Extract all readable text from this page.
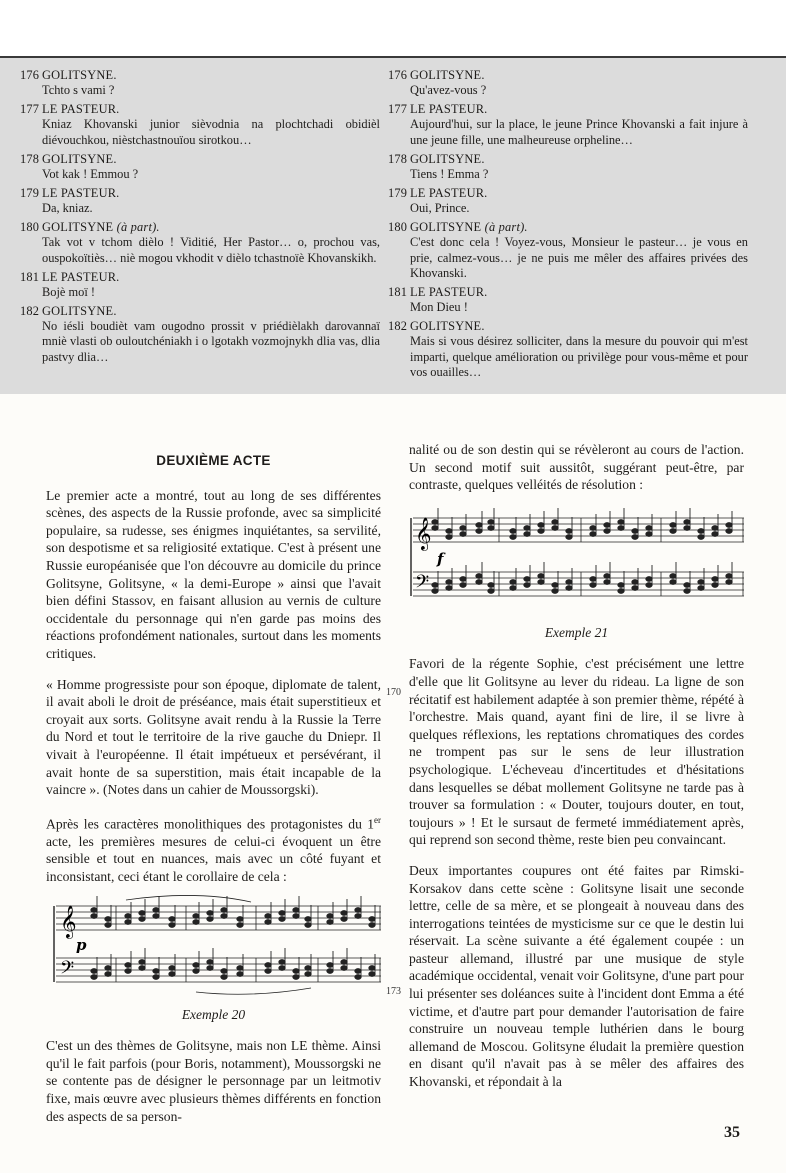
176 GOLITSYNE.
Tchto s vami ?
177 LE PASTEUR.
Kniaz Khovanski junior sièvodnia na plochtchadi obidièl diévouchkou, nièstchastnouïou sirotkou…
178 GOLITSYNE.
Vot kak ! Emmou ?
179 LE PASTEUR.
Da, kniaz.
180 GOLITSYNE (à part).
Tak vot v tchom dièlo ! Viditié, Her Pastor… o, prochou vas, ouspokoïtiès… niè mogou vkhodit v dièlo tchastnoïè Khovanskikh.
181 LE PASTEUR.
Bojè moï !
182 GOLITSYNE.
No iésli boudièt vam ougodno prossit v priédièlakh darovannaï mniè vlasti ob ouloutchéniakh i o lgotakh vozmojnykh dlia vas, dlia pastvy dlia…
176 GOLITSYNE.
Qu'avez-vous ?
177 LE PASTEUR.
Aujourd'hui, sur la place, le jeune Prince Khovanski a fait injure à une jeune fille, une malheureuse orpheline…
178 GOLITSYNE.
Tiens ! Emma ?
179 LE PASTEUR.
Oui, Prince.
180 GOLITSYNE (à part).
C'est donc cela ! Voyez-vous, Monsieur le pasteur… je vous en prie, calmez-vous… je ne puis me mêler des affaires privées des Khovanski.
181 LE PASTEUR.
Mon Dieu !
182 GOLITSYNE.
Mais si vous désirez solliciter, dans la mesure du pouvoir qui m'est imparti, quelque amélioration ou privilège pour vous-même et pour vos ouailles…
DEUXIÈME ACTE

Le premier acte a montré, tout au long de ses différentes scènes, des aspects de la Russie profonde, avec sa simplicité populaire, sa rudesse, ses énigmes inquiétantes, sa servilité, son despotisme et sa religiosité extatique. C'est à présent une Russie européanisée que l'on découvre au domicile du prince Golitsyne, Golitsyne, « la demi-Europe » ainsi que l'avait bien défini Stassov, en faisant allusion au vernis de culture occidentale du personnage qui n'en garde pas moins des réactions profondément nationales, surtout dans les moments critiques.

« Homme progressiste pour son époque, diplomate de talent, il avait aboli le droit de préséance, mais était superstitieux et croyait aux sorts. Golitsyne avait rendu à la Russie la Terre du Nord et tout le territoire de la rive gauche du Dniepr. Il vivait à l'européenne. Il était impétueux et persévérant, il avait honte de sa superstition, mais était incapable de la vaincre ». (Notes dans un cahier de Moussorgski).

Après les caractères monolithiques des protagonistes du 1er acte, les premières mesures de celui-ci évoquent un être sensible et tout en nuances, mais avec un côté fuyant et inconsistant, ceci étant le corollaire de cela :

𝄞
𝄢
p
Exemple 20

C'est un des thèmes de Golitsyne, mais non LE thème. Ainsi qu'il le fait parfois (pour Boris, notamment), Moussorgski ne se contente pas de désigner le personnage par un leitmotiv fixe, mais œuvre avec plusieurs thèmes différents en fonction des aspects de sa person-

nalité ou de son destin qui se révèleront au cours de l'action. Un second motif suit aussitôt, suggérant peut-être, par contraste, quelques velléités de résolution :

𝄞
𝄢
f
Exemple 21

Favori de la régente Sophie, c'est précisément une lettre d'elle que lit Golitsyne au lever du rideau. La ligne de son récitatif est habilement adaptée à son premier thème, répété à l'orchestre. Mais quand, ayant fini de lire, il se livre à quelques réflexions, les reptations chromatiques des cordes ne trompent pas sur le sens de leur illustration psychologique. L'écheveau d'incertitudes et d'hésitations dans lesquelles se débat mollement Golitsyne ne tarde pas à trouver sa formulation : « Douter, toujours douter, en tout, toujours » ! Et le sursaut de fermeté immédiatement après, qui reprend son second thème, reste bien peu convaincant.

Deux importantes coupures ont été faites par Rimski-Korsakov dans cette scène : Golitsyne lisait une seconde lettre, celle de sa mère, et se plongeait à nouveau dans des interrogations teintées de mysticisme sur ce que le destin lui réservait. La scène suivante a été également coupée : un pasteur allemand, illustré par une musique de style académique occidental, venait voir Golitsyne, d'une part pour lui présenter ses doléances suite à l'incident dont Emma a été victime, et d'autre part pour demander l'autorisation de faire construire un nouveau temple luthérien dans le bourg allemand de Moscou. Golitsyne éludait la première question en disant qu'il n'avait pas à se mêler des affaires des Khovanski, et répondait à la

170
173
35
